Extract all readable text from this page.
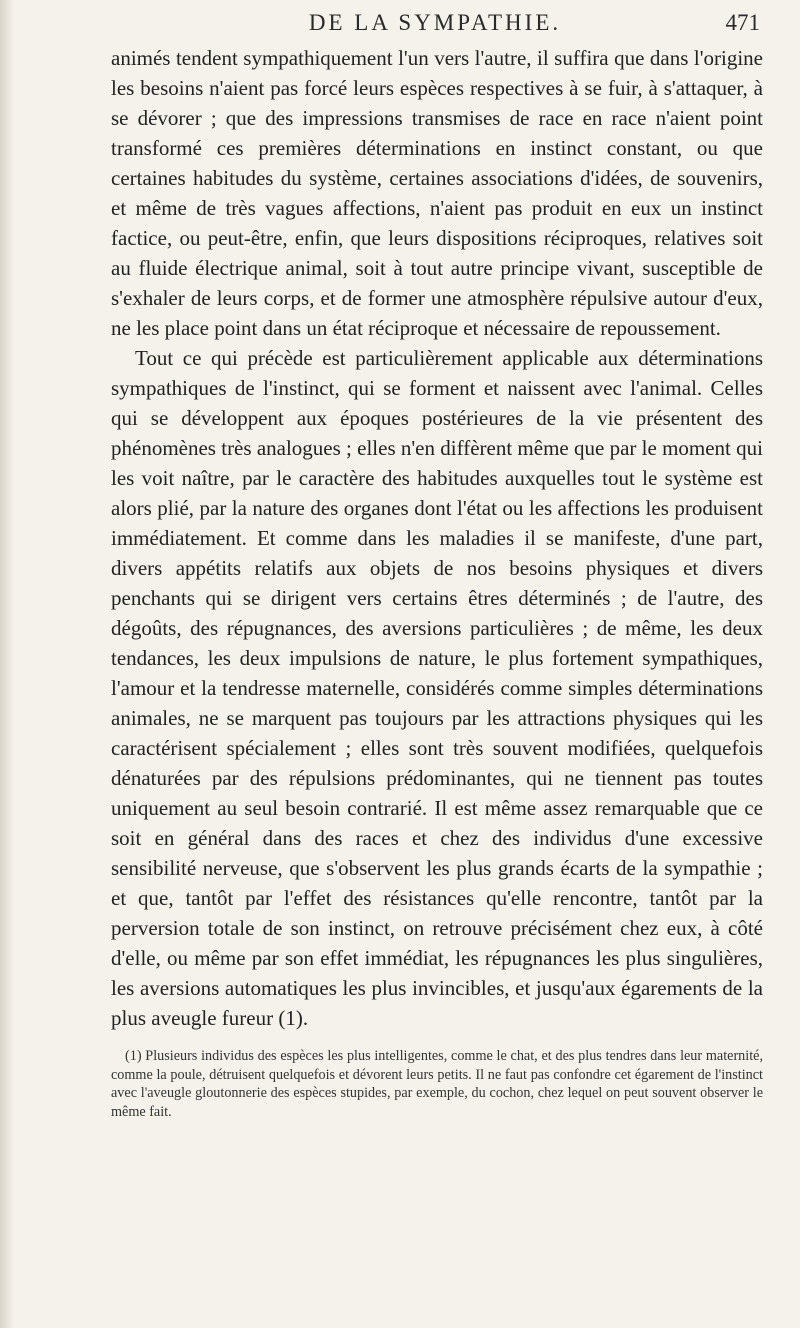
DE LA SYMPATHIE.	471

animés tendent sympathiquement l'un vers l'autre, il suffira que dans l'origine les besoins n'aient pas forcé leurs espèces respectives à se fuir, à s'attaquer, à se dévorer ; que des impressions transmises de race en race n'aient point transformé ces premières déterminations en instinct constant, ou que certaines habitudes du système, certaines associations d'idées, de souvenirs, et même de très vagues affections, n'aient pas produit en eux un instinct factice, ou peut-être, enfin, que leurs dispositions réciproques, relatives soit au fluide électrique animal, soit à tout autre principe vivant, susceptible de s'exhaler de leurs corps, et de former une atmosphère répulsive autour d'eux, ne les place point dans un état réciproque et nécessaire de repoussement.

Tout ce qui précède est particulièrement applicable aux déterminations sympathiques de l'instinct, qui se forment et naissent avec l'animal. Celles qui se développent aux époques postérieures de la vie présentent des phénomènes très analogues ; elles n'en diffèrent même que par le moment qui les voit naître, par le caractère des habitudes auxquelles tout le système est alors plié, par la nature des organes dont l'état ou les affections les produisent immédiatement. Et comme dans les maladies il se manifeste, d'une part, divers appétits relatifs aux objets de nos besoins physiques et divers penchants qui se dirigent vers certains êtres déterminés ; de l'autre, des dégoûts, des répugnances, des aversions particulières ; de même, les deux tendances, les deux impulsions de nature, le plus fortement sympathiques, l'amour et la tendresse maternelle, considérés comme simples déterminations animales, ne se marquent pas toujours par les attractions physiques qui les caractérisent spécialement ; elles sont très souvent modifiées, quelquefois dénaturées par des répulsions prédominantes, qui ne tiennent pas toutes uniquement au seul besoin contrarié. Il est même assez remarquable que ce soit en général dans des races et chez des individus d'une excessive sensibilité nerveuse, que s'observent les plus grands écarts de la sympathie ; et que, tantôt par l'effet des résistances qu'elle rencontre, tantôt par la perversion totale de son instinct, on retrouve précisément chez eux, à côté d'elle, ou même par son effet immédiat, les répugnances les plus singulières, les aversions automatiques les plus invincibles, et jusqu'aux égarements de la plus aveugle fureur (1).

(1) Plusieurs individus des espèces les plus intelligentes, comme le chat, et des plus tendres dans leur maternité, comme la poule, détruisent quelquefois et dévorent leurs petits. Il ne faut pas confondre cet égarement de l'instinct avec l'aveugle gloutonnerie des espèces stupides, par exemple, du cochon, chez lequel on peut souvent observer le même fait.
